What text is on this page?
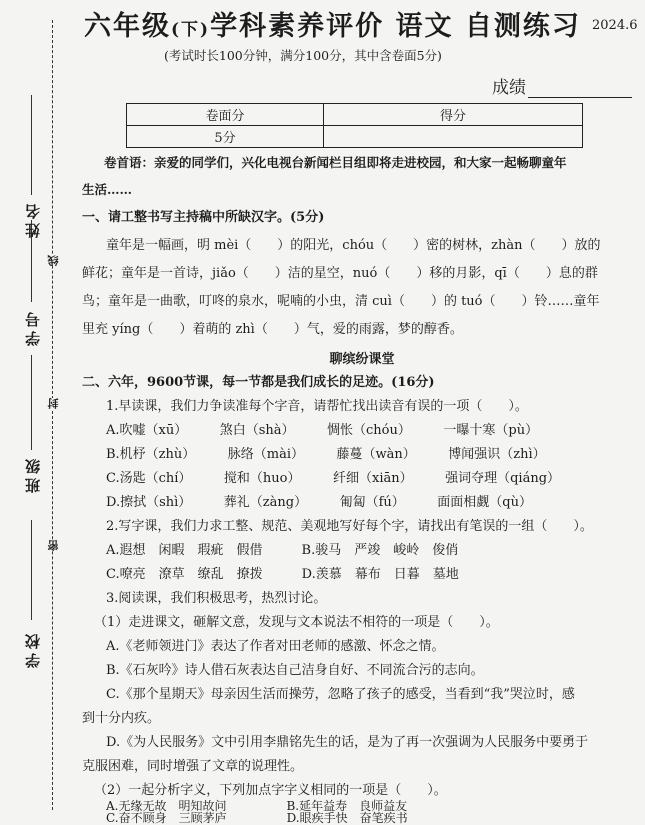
学校
班级
学号
姓名
密
封
线
六年级(下)学科素养评价 语文 自测练习 2024.6
(考试时长100分钟，满分100分，其中含卷面5分)
成绩
卷面分	得分
5分	
卷首语：亲爱的同学们，兴化电视台新闻栏目组即将走进校园，和大家一起畅聊童年
生活……
一、请工整书写主持稿中所缺汉字。(5分)
童年是一幅画，明 mèi（　　）的阳光，chóu（　　）密的树林，zhàn（　　）放的
鲜花；童年是一首诗，jiǎo（　　）洁的星空，nuó（　　）移的月影，qī（　　）息的群
鸟；童年是一曲歌，叮咚的泉水，呢喃的小虫，清 cuì（　　）的 tuó（　　）铃……童年
里充 yíng（　　）着萌的 zhì（　　）气，爱的雨露，梦的醇香。
聊缤纷课堂
二、六年，9600节课，每一节都是我们成长的足迹。(16分)
1.早读课，我们力争读准每个字音，请帮忙找出读音有误的一项（　　）。
A.吹嘘（xū）　　　煞白（shà）　　　惆怅（chóu）　　　一曝十寒（pù）
B.机杼（zhù）　　　脉络（mài）　　　藤蔓（wàn）　　　博闻强识（zhì）
C.汤匙（chí）　　　搅和（huo）　　　纤细（xiān）　　　强词夺理（qiáng）
D.擦拭（shì）　　　葬礼（zàng）　　　匍匐（fú）　　　面面相觑（qù）
2.写字课，我们力求工整、规范、美观地写好每个字，请找出有笔误的一组（　　）。
A.遐想　闲暇　瑕疵　假借　　　B.骏马　严竣　峻岭　俊俏
C.嘹亮　潦草　缭乱　撩拨　　　D.羡慕　幕布　日暮　墓地
3.阅读课，我们积极思考，热烈讨论。
（1）走进课文，砸解文意，发现与文本说法不相符的一项是（　　）。
A.《老师领进门》表达了作者对田老师的感激、怀念之情。
B.《石灰吟》诗人借石灰表达自己洁身自好、不同流合污的志向。
C.《那个星期天》母亲因生活而操劳，忽略了孩子的感受，当看到“我”哭泣时，感
到十分内疚。
D.《为人民服务》文中引用李鼎铭先生的话，是为了再一次强调为人民服务中要勇于
克服困难，同时增强了文章的说理性。
（2）一起分析字义，下列加点字字义相同的一项是（　　）。
A.无缘无故　明知故问　　　　　B.延年益寿　良师益友
C.奋不顾身　三顾茅庐　　　　　D.眼疾手快　奋笔疾书
